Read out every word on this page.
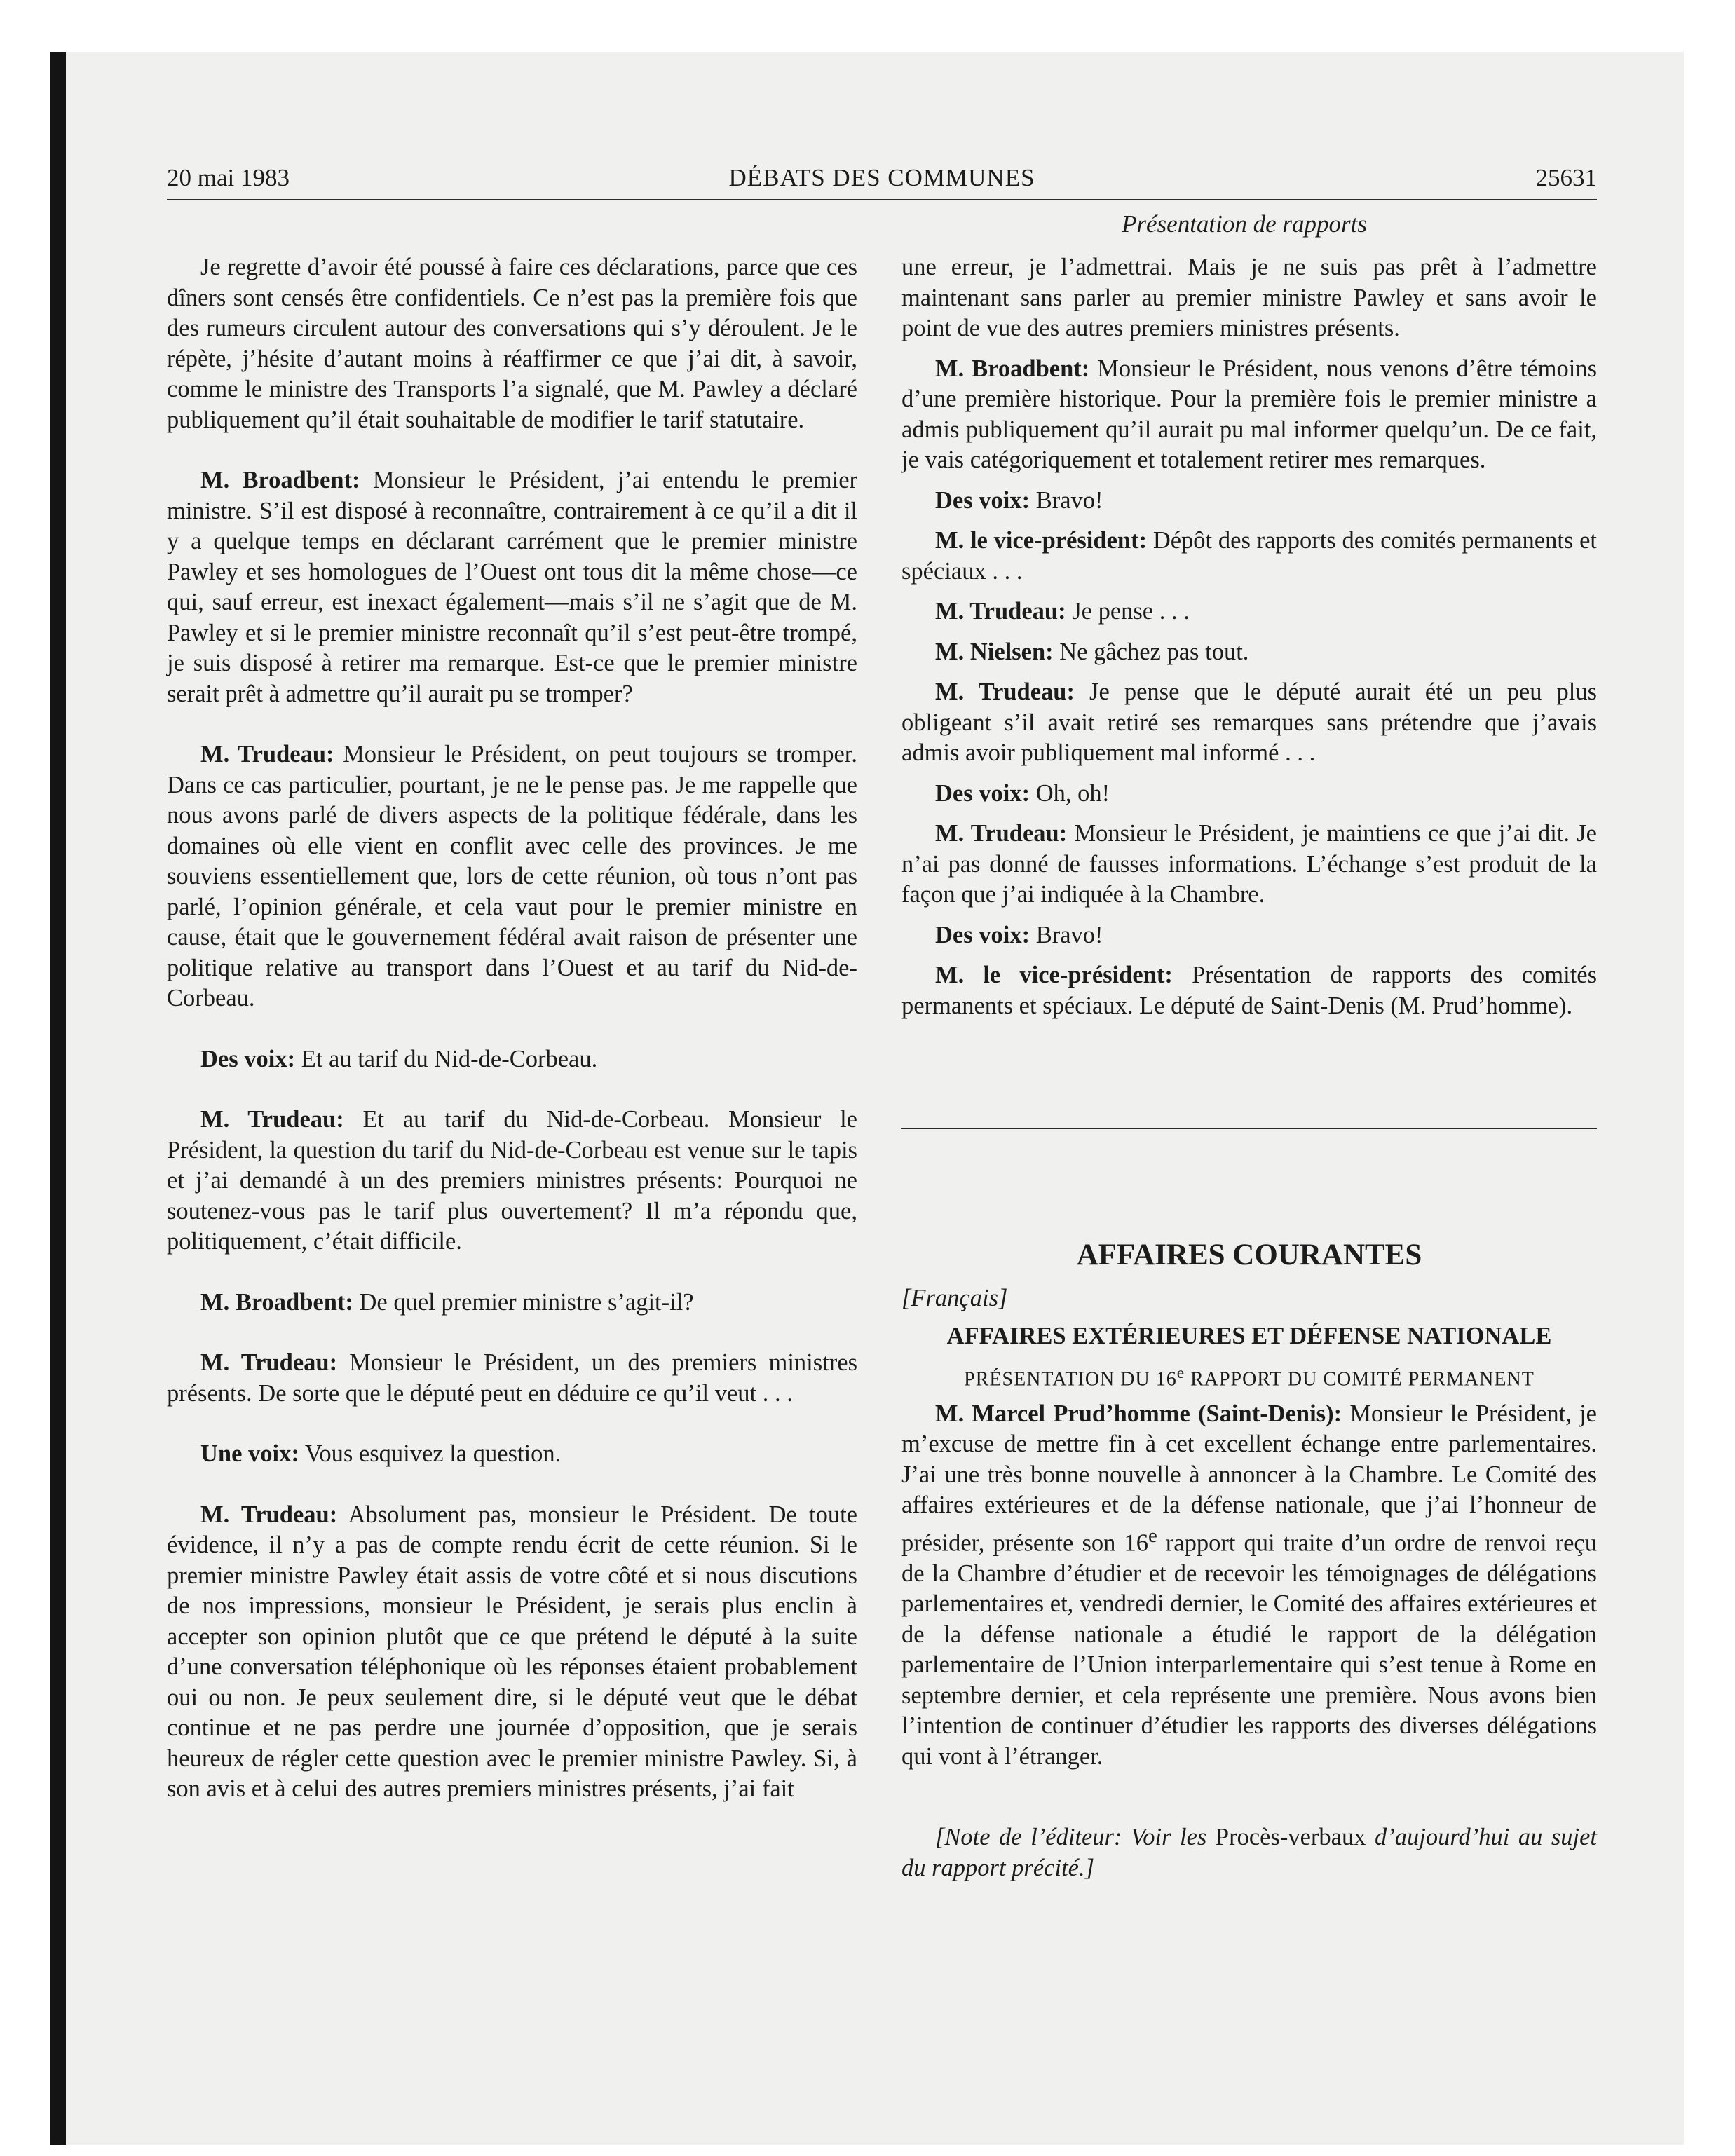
20 mai 1983	DÉBATS DES COMMUNES	25631
Présentation de rapports

Je regrette d’avoir été poussé à faire ces déclarations, parce que ces dîners sont censés être confidentiels. Ce n’est pas la première fois que des rumeurs circulent autour des conversations qui s’y déroulent. Je le répète, j’hésite d’autant moins à réaffirmer ce que j’ai dit, à savoir, comme le ministre des Transports l’a signalé, que M. Pawley a déclaré publiquement qu’il était souhaitable de modifier le tarif statutaire.

M. Broadbent: Monsieur le Président, j’ai entendu le premier ministre. S’il est disposé à reconnaître, contrairement à ce qu’il a dit il y a quelque temps en déclarant carrément que le premier ministre Pawley et ses homologues de l’Ouest ont tous dit la même chose—ce qui, sauf erreur, est inexact également—mais s’il ne s’agit que de M. Pawley et si le premier ministre reconnaît qu’il s’est peut-être trompé, je suis disposé à retirer ma remarque. Est-ce que le premier ministre serait prêt à admettre qu’il aurait pu se tromper?

M. Trudeau: Monsieur le Président, on peut toujours se tromper. Dans ce cas particulier, pourtant, je ne le pense pas. Je me rappelle que nous avons parlé de divers aspects de la politique fédérale, dans les domaines où elle vient en conflit avec celle des provinces. Je me souviens essentiellement que, lors de cette réunion, où tous n’ont pas parlé, l’opinion générale, et cela vaut pour le premier ministre en cause, était que le gouvernement fédéral avait raison de présenter une politique relative au transport dans l’Ouest et au tarif du Nid-de-Corbeau.

Des voix: Et au tarif du Nid-de-Corbeau.

M. Trudeau: Et au tarif du Nid-de-Corbeau. Monsieur le Président, la question du tarif du Nid-de-Corbeau est venue sur le tapis et j’ai demandé à un des premiers ministres présents: Pourquoi ne soutenez-vous pas le tarif plus ouvertement? Il m’a répondu que, politiquement, c’était difficile.

M. Broadbent: De quel premier ministre s’agit-il?

M. Trudeau: Monsieur le Président, un des premiers ministres présents. De sorte que le député peut en déduire ce qu’il veut . . .

Une voix: Vous esquivez la question.

M. Trudeau: Absolument pas, monsieur le Président. De toute évidence, il n’y a pas de compte rendu écrit de cette réunion. Si le premier ministre Pawley était assis de votre côté et si nous discutions de nos impressions, monsieur le Président, je serais plus enclin à accepter son opinion plutôt que ce que prétend le député à la suite d’une conversation téléphonique où les réponses étaient probablement oui ou non. Je peux seulement dire, si le député veut que le débat continue et ne pas perdre une journée d’opposition, que je serais heureux de régler cette question avec le premier ministre Pawley. Si, à son avis et à celui des autres premiers ministres présents, j’ai fait

une erreur, je l’admettrai. Mais je ne suis pas prêt à l’admettre maintenant sans parler au premier ministre Pawley et sans avoir le point de vue des autres premiers ministres présents.

M. Broadbent: Monsieur le Président, nous venons d’être témoins d’une première historique. Pour la première fois le premier ministre a admis publiquement qu’il aurait pu mal informer quelqu’un. De ce fait, je vais catégoriquement et totalement retirer mes remarques.

Des voix: Bravo!

M. le vice-président: Dépôt des rapports des comités permanents et spéciaux . . .

M. Trudeau: Je pense . . .

M. Nielsen: Ne gâchez pas tout.

M. Trudeau: Je pense que le député aurait été un peu plus obligeant s’il avait retiré ses remarques sans prétendre que j’avais admis avoir publiquement mal informé . . .

Des voix: Oh, oh!

M. Trudeau: Monsieur le Président, je maintiens ce que j’ai dit. Je n’ai pas donné de fausses informations. L’échange s’est produit de la façon que j’ai indiquée à la Chambre.

Des voix: Bravo!

M. le vice-président: Présentation de rapports des comités permanents et spéciaux. Le député de Saint-Denis (M. Prud’homme).

AFFAIRES COURANTES
[Français]
AFFAIRES EXTÉRIEURES ET DÉFENSE NATIONALE
PRÉSENTATION DU 16e RAPPORT DU COMITÉ PERMANENT

M. Marcel Prud’homme (Saint-Denis): Monsieur le Président, je m’excuse de mettre fin à cet excellent échange entre parlementaires. J’ai une très bonne nouvelle à annoncer à la Chambre. Le Comité des affaires extérieures et de la défense nationale, que j’ai l’honneur de présider, présente son 16e rapport qui traite d’un ordre de renvoi reçu de la Chambre d’étudier et de recevoir les témoignages de délégations parlementaires et, vendredi dernier, le Comité des affaires extérieures et de la défense nationale a étudié le rapport de la délégation parlementaire de l’Union interparlementaire qui s’est tenue à Rome en septembre dernier, et cela représente une première. Nous avons bien l’intention de continuer d’étudier les rapports des diverses délégations qui vont à l’étranger.

[Note de l’éditeur: Voir les Procès-verbaux d’aujourd’hui au sujet du rapport précité.]
